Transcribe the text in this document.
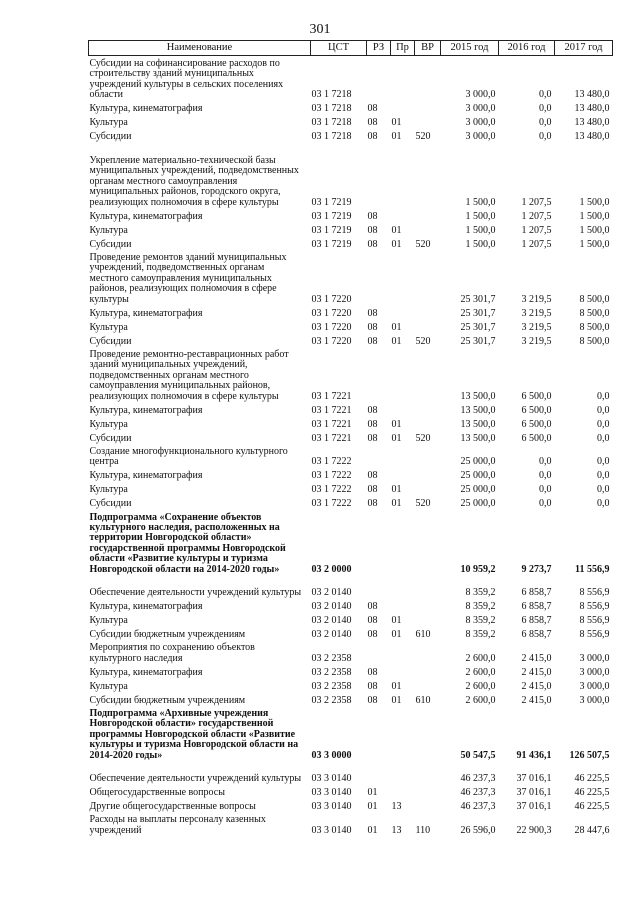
301
Наименование	ЦСТ	РЗ	Пр	ВР	2015 год	2016 год	2017 год
Субсидии на софинансирование расходов по строительству зданий муниципальных учреждений культуры в сельских поселениях области	03 1 7218				3 000,0	0,0	13 480,0
Культура, кинематография	03 1 7218	08			3 000,0	0,0	13 480,0
Культура	03 1 7218	08	01		3 000,0	0,0	13 480,0
Субсидии	03 1 7218	08	01	520	3 000,0	0,0	13 480,0
Укрепление материально-технической базы муниципальных учреждений, подведомственных органам местного самоуправления муниципальных районов, городского округа, реализующих полномочия в сфере культуры	03 1 7219				1 500,0	1 207,5	1 500,0
Культура, кинематография	03 1 7219	08			1 500,0	1 207,5	1 500,0
Культура	03 1 7219	08	01		1 500,0	1 207,5	1 500,0
Субсидии	03 1 7219	08	01	520	1 500,0	1 207,5	1 500,0
Проведение ремонтов зданий муниципальных учреждений, подведомственных органам местного самоуправления муниципальных районов, реализующих полномочия в сфере культуры	03 1 7220				25 301,7	3 219,5	8 500,0
Культура, кинематография	03 1 7220	08			25 301,7	3 219,5	8 500,0
Культура	03 1 7220	08	01		25 301,7	3 219,5	8 500,0
Субсидии	03 1 7220	08	01	520	25 301,7	3 219,5	8 500,0
Проведение ремонтно-реставрационных работ зданий муниципальных учреждений, подведомственных органам местного самоуправления муниципальных районов, реализующих полномочия в сфере культуры	03 1 7221				13 500,0	6 500,0	0,0
Культура, кинематография	03 1 7221	08			13 500,0	6 500,0	0,0
Культура	03 1 7221	08	01		13 500,0	6 500,0	0,0
Субсидии	03 1 7221	08	01	520	13 500,0	6 500,0	0,0
Создание многофункционального культурного центра	03 1 7222				25 000,0	0,0	0,0
Культура, кинематография	03 1 7222	08			25 000,0	0,0	0,0
Культура	03 1 7222	08	01		25 000,0	0,0	0,0
Субсидии	03 1 7222	08	01	520	25 000,0	0,0	0,0
Подпрограмма «Сохранение объектов культурного наследия, расположенных на территории Новгородской области» государственной программы Новгородской области «Развитие культуры и туризма Новгородской области на 2014-2020 годы»	03 2 0000				10 959,2	9 273,7	11 556,9
Обеспечение деятельности учреждений культуры	03 2 0140				8 359,2	6 858,7	8 556,9
Культура, кинематография	03 2 0140	08			8 359,2	6 858,7	8 556,9
Культура	03 2 0140	08	01		8 359,2	6 858,7	8 556,9
Субсидии бюджетным учреждениям	03 2 0140	08	01	610	8 359,2	6 858,7	8 556,9
Мероприятия по сохранению объектов культурного наследия	03 2 2358				2 600,0	2 415,0	3 000,0
Культура, кинематография	03 2 2358	08			2 600,0	2 415,0	3 000,0
Культура	03 2 2358	08	01		2 600,0	2 415,0	3 000,0
Субсидии бюджетным учреждениям	03 2 2358	08	01	610	2 600,0	2 415,0	3 000,0
Подпрограмма «Архивные учреждения Новгородской области» государственной программы Новгородской области «Развитие культуры и туризма Новгородской области на 2014-2020 годы»	03 3 0000				50 547,5	91 436,1	126 507,5
Обеспечение деятельности учреждений культуры	03 3 0140				46 237,3	37 016,1	46 225,5
Общегосударственные вопросы	03 3 0140	01			46 237,3	37 016,1	46 225,5
Другие общегосударственные вопросы	03 3 0140	01	13		46 237,3	37 016,1	46 225,5
Расходы на выплаты персоналу казенных учреждений	03 3 0140	01	13	110	26 596,0	22 900,3	28 447,6
